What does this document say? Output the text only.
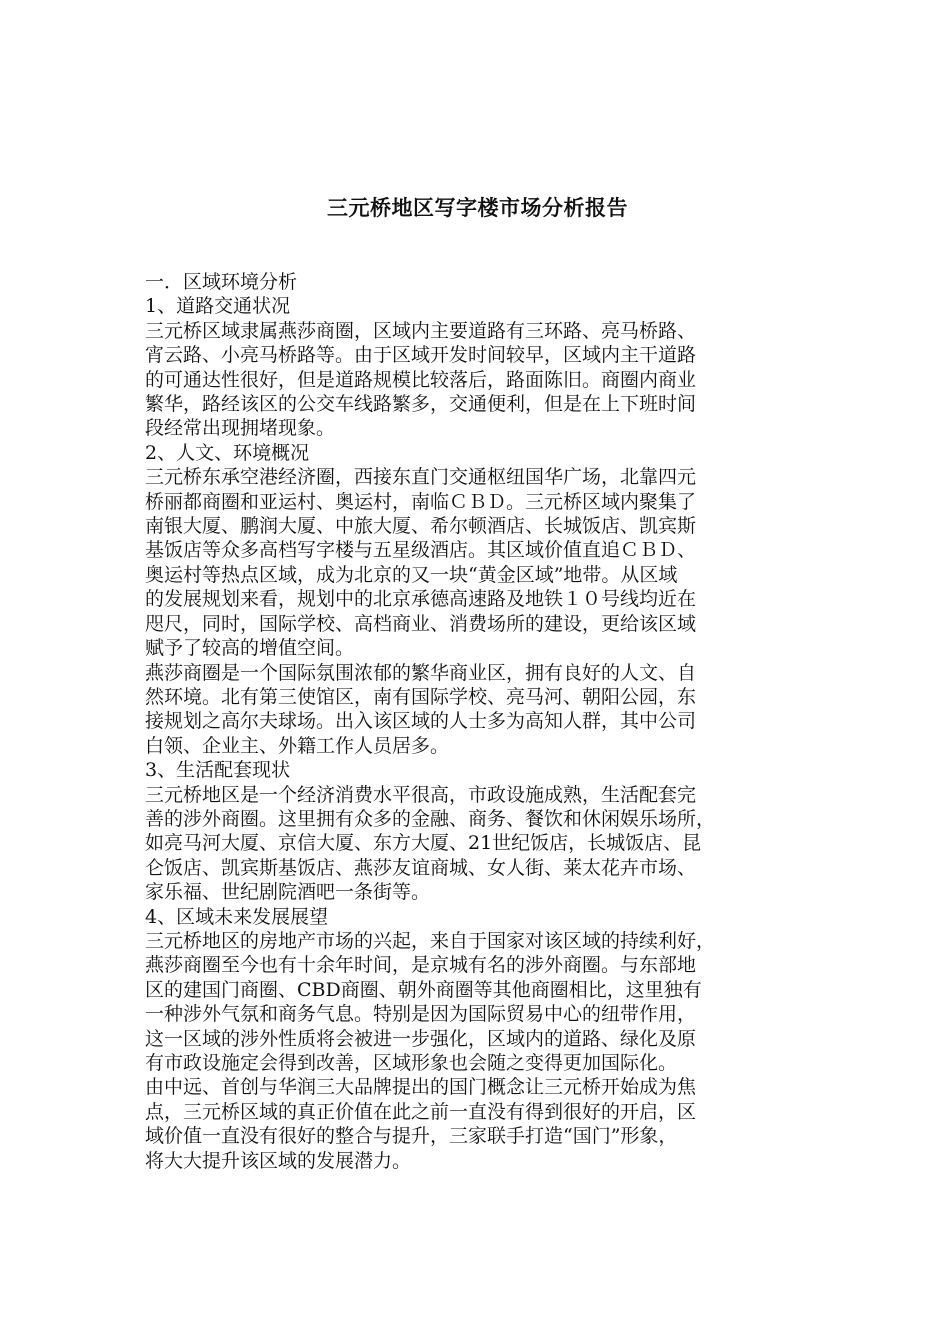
三元桥地区写字楼市场分析报告
一．区域环境分析
1、道路交通状况
三元桥区域隶属燕莎商圈，区域内主要道路有三环路、亮马桥路、
宵云路、小亮马桥路等。由于区域开发时间较早，区域内主干道路
的可通达性很好，但是道路规模比较落后，路面陈旧。商圈内商业
繁华，路经该区的公交车线路繁多，交通便利，但是在上下班时间
段经常出现拥堵现象。
2、人文、环境概况
三元桥东承空港经济圈，西接东直门交通枢纽国华广场，北靠四元
桥丽都商圈和亚运村、奥运村，南临ＣＢＤ。三元桥区域内聚集了
南银大厦、鹏润大厦、中旅大厦、希尔顿酒店、长城饭店、凯宾斯
基饭店等众多高档写字楼与五星级酒店。其区域价值直追ＣＢＤ、
奥运村等热点区域，成为北京的又一块“黄金区域”地带。从区域
的发展规划来看，规划中的北京承德高速路及地铁１０号线均近在
咫尺，同时，国际学校、高档商业、消费场所的建设，更给该区域
赋予了较高的增值空间。
燕莎商圈是一个国际氛围浓郁的繁华商业区，拥有良好的人文、自
然环境。北有第三使馆区，南有国际学校、亮马河、朝阳公园，东
接规划之高尔夫球场。出入该区域的人士多为高知人群，其中公司
白领、企业主、外籍工作人员居多。
3、生活配套现状
三元桥地区是一个经济消费水平很高，市政设施成熟，生活配套完
善的涉外商圈。这里拥有众多的金融、商务、餐饮和休闲娱乐场所，
如亮马河大厦、京信大厦、东方大厦、21世纪饭店，长城饭店、昆
仑饭店、凯宾斯基饭店、燕莎友谊商城、女人街、莱太花卉市场、
家乐福、世纪剧院酒吧一条街等。
4、区域未来发展展望
三元桥地区的房地产市场的兴起，来自于国家对该区域的持续利好，
燕莎商圈至今也有十余年时间，是京城有名的涉外商圈。与东部地
区的建国门商圈、CBD商圈、朝外商圈等其他商圈相比，这里独有
一种涉外气氛和商务气息。特别是因为国际贸易中心的纽带作用，
这一区域的涉外性质将会被进一步强化，区域内的道路、绿化及原
有市政设施定会得到改善，区域形象也会随之变得更加国际化。
由中远、首创与华润三大品牌提出的国门概念让三元桥开始成为焦
点，三元桥区域的真正价值在此之前一直没有得到很好的开启，区
域价值一直没有很好的整合与提升，三家联手打造“国门”形象，
将大大提升该区域的发展潜力。
